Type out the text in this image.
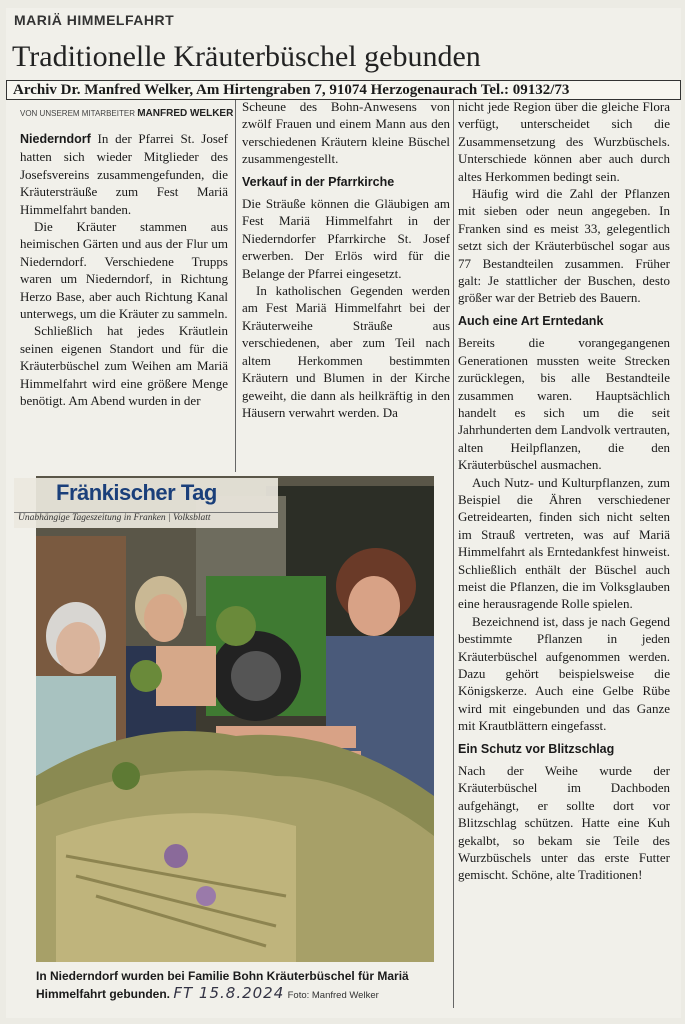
MARIÄ HIMMELFAHRT
Traditionelle Kräuterbüschel gebunden
Archiv Dr. Manfred Welker, Am Hirtengraben 7, 91074 Herzogenaurach Tel.: 09132/73
VON UNSEREM MITARBEITER MANFRED WELKER

Niederndorf In der Pfarrei St. Josef hatten sich wieder Mitglieder des Josefsvereins zusammengefunden, die Kräutersträuße zum Fest Mariä Himmelfahrt banden.

Die Kräuter stammen aus heimischen Gärten und aus der Flur um Niederndorf. Verschiedene Trupps waren um Niederndorf, in Richtung Herzo Base, aber auch Richtung Kanal unterwegs, um die Kräuter zu sammeln.

Schließlich hat jedes Kräutlein seinen eigenen Standort und für die Kräuterbüschel zum Weihen am Mariä Himmelfahrt wird eine größere Menge benötigt. Am Abend wurden in der

Scheune des Bohn-Anwesens von zwölf Frauen und einem Mann aus den verschiedenen Kräutern kleine Büschel zusammengestellt.

Verkauf in der Pfarrkirche

Die Sträuße können die Gläubigen am Fest Mariä Himmelfahrt in der Niederndorfer Pfarrkirche St. Josef erwerben. Der Erlös wird für die Belange der Pfarrei eingesetzt.

In katholischen Gegenden werden am Fest Mariä Himmelfahrt bei der Kräuterweihe Sträuße aus verschiedenen, aber zum Teil nach altem Herkommen bestimmten Kräutern und Blumen in der Kirche geweiht, die dann als heilkräftig in den Häusern verwahrt werden. Da

nicht jede Region über die gleiche Flora verfügt, unterscheidet sich die Zusammensetzung des Wurzbüschels. Unterschiede können aber auch durch altes Herkommen bedingt sein.

Häufig wird die Zahl der Pflanzen mit sieben oder neun angegeben. In Franken sind es meist 33, gelegentlich setzt sich der Kräuterbüschel sogar aus 77 Bestandteilen zusammen. Früher galt: Je stattlicher der Buschen, desto größer war der Betrieb des Bauern.

Auch eine Art Erntedank

Bereits die vorangegangenen Generationen mussten weite Strecken zurücklegen, bis alle Bestandteile zusammen waren. Hauptsächlich handelt es sich um die seit Jahrhunderten dem Landvolk vertrauten, alten Heilpflanzen, die den Kräuterbüschel ausmachen.

Auch Nutz- und Kulturpflanzen, zum Beispiel die Ähren verschiedener Getreidearten, finden sich nicht selten im Strauß vertreten, was auf Mariä Himmelfahrt als Erntedankfest hinweist. Schließlich enthält der Büschel auch meist die Pflanzen, die im Volksglauben eine herausragende Rolle spielen.

Bezeichnend ist, dass je nach Gegend bestimmte Pflanzen in jeden Kräuterbüschel aufgenommen werden. Dazu gehört beispielsweise die Königskerze. Auch eine Gelbe Rübe wird mit eingebunden und das Ganze mit Krautblättern eingefasst.

Ein Schutz vor Blitzschlag

Nach der Weihe wurde der Kräuterbüschel im Dachboden aufgehängt, er sollte dort vor Blitzschlag schützen. Hatte eine Kuh gekalbt, so bekam sie Teile des Wurzbüschels unter das erste Futter gemischt. Schöne, alte Traditionen!

Fränkischer Tag
Unabhängige Tageszeitung in Franken | Volksblatt
In Niederndorf wurden bei Familie Bohn Kräuterbüschel für Mariä Himmelfahrt gebunden. FT 15.8.2024 Foto: Manfred Welker
